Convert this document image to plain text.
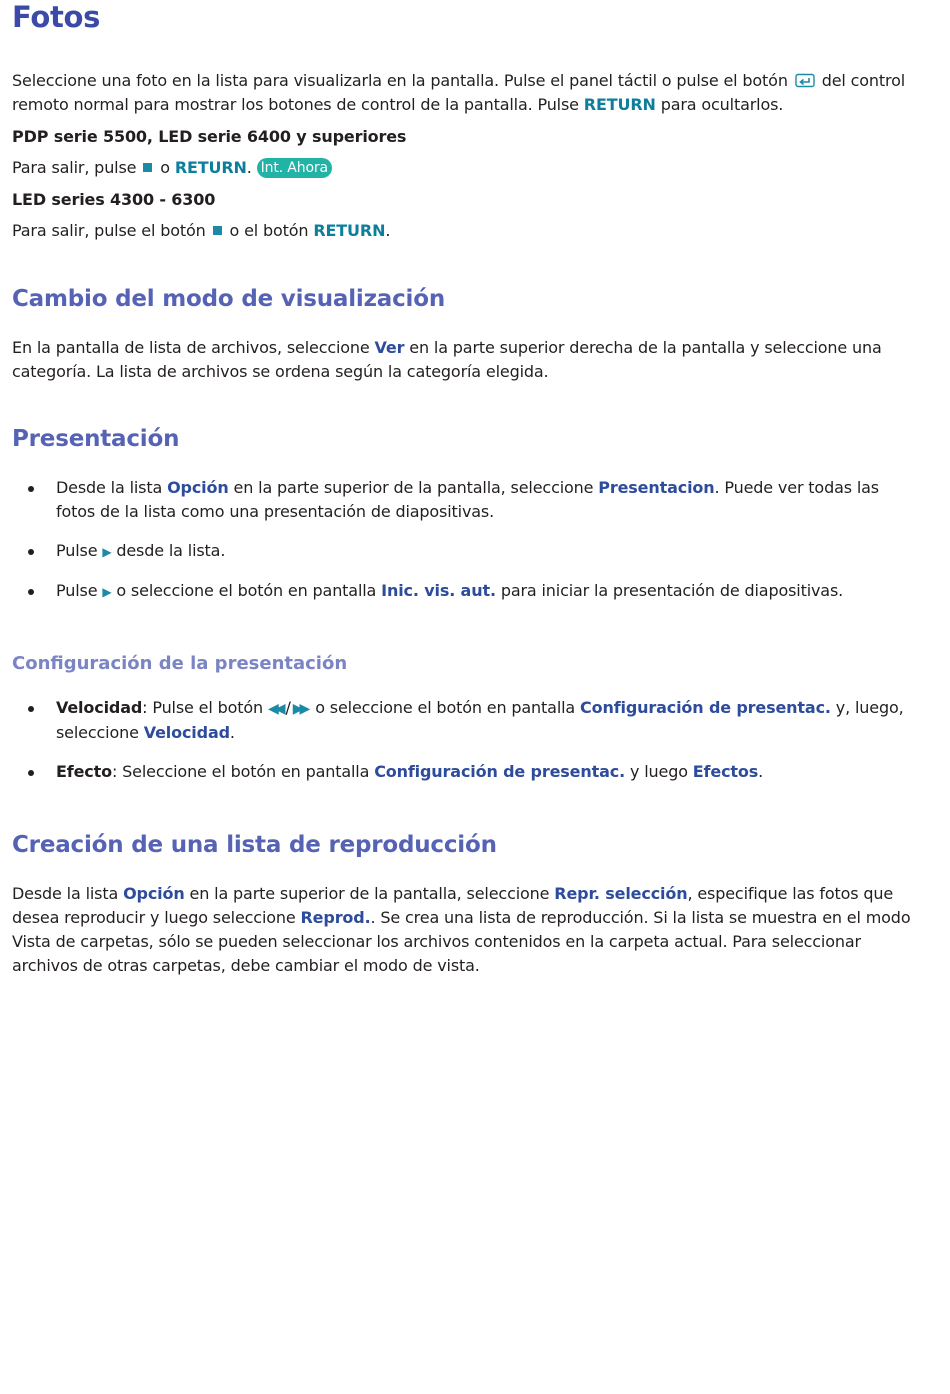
Fotos

Seleccione una foto en la lista para visualizarla en la pantalla. Pulse el panel táctil o pulse el botón del control remoto normal para mostrar los botones de control de la pantalla. Pulse RETURN para ocultarlos.

PDP serie 5500, LED serie 6400 y superiores

Para salir, pulse o RETURN. Int. Ahora

LED series 4300 - 6300

Para salir, pulse el botón o el botón RETURN.

Cambio del modo de visualización

En la pantalla de lista de archivos, seleccione Ver en la parte superior derecha de la pantalla y seleccione una categoría. La lista de archivos se ordena según la categoría elegida.

Presentación
Desde la lista Opción en la parte superior de la pantalla, seleccione Presentacion. Puede ver todas las fotos de la lista como una presentación de diapositivas.
Pulse ▶ desde la lista.
Pulse ▶ o seleccione el botón en pantalla Inic. vis. aut. para iniciar la presentación de diapositivas.
Configuración de la presentación
Velocidad: Pulse el botón ◀◀ / ▶▶ o seleccione el botón en pantalla Configuración de presentac. y, luego, seleccione Velocidad.
Efecto: Seleccione el botón en pantalla Configuración de presentac. y luego Efectos.
Creación de una lista de reproducción

Desde la lista Opción en la parte superior de la pantalla, seleccione Repr. selección, especifique las fotos que desea reproducir y luego seleccione Reprod.. Se crea una lista de reproducción. Si la lista se muestra en el modo Vista de carpetas, sólo se pueden seleccionar los archivos contenidos en la carpeta actual. Para seleccionar archivos de otras carpetas, debe cambiar el modo de vista.
